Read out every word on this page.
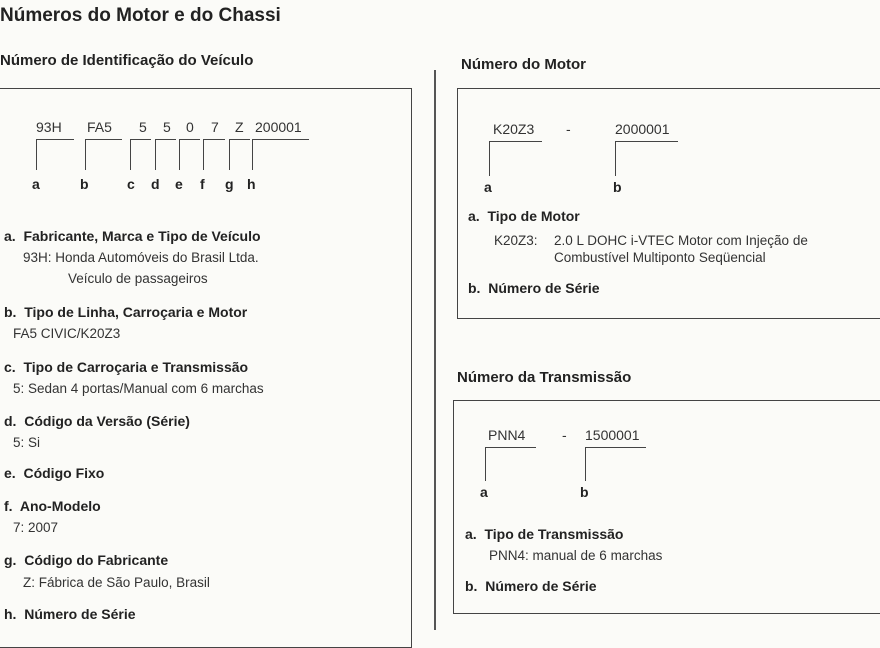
Números do Motor e do Chassi
Número de Identificação do Veículo
93H FA5 5 5 0 7 Z 200001
a	b	c d e f g h
a. Fabricante, Marca e Tipo de Veículo
93H: Honda Automóveis do Brasil Ltda.
Veículo de passageiros
b. Tipo de Linha, Carroçaria e Motor
FA5 CIVIC/K20Z3
c. Tipo de Carroçaria e Transmissão
5: Sedan 4 portas/Manual com 6 marchas
d. Código da Versão (Série)
5: Si
e. Código Fixo
f. Ano-Modelo
7: 2007
g. Código do Fabricante
Z: Fábrica de São Paulo, Brasil
h. Número de Série
Número do Motor
K20Z3 -	2000001
a	b
a. Tipo de Motor
K20Z3: 2.0 L DOHC i-VTEC Motor com Injeção de
Combustível Multiponto Seqüencial
b. Número de Série
Número da Transmissão
PNN4	- 1500001
a	b
a. Tipo de Transmissão
PNN4: manual de 6 marchas
b. Número de Série
